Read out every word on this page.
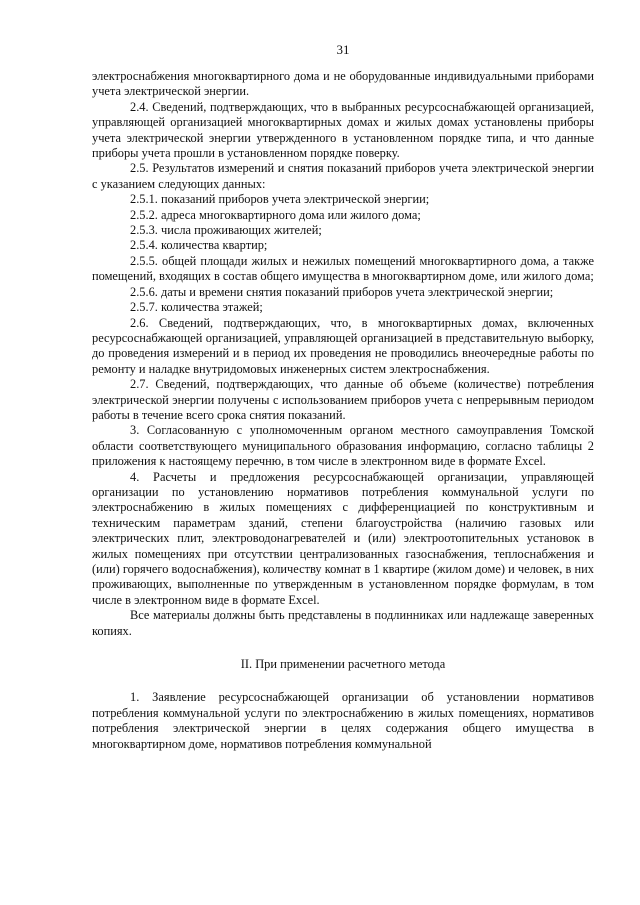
31

электроснабжения многоквартирного дома и не оборудованные индивидуальными приборами учета электрической энергии.

2.4. Сведений, подтверждающих, что в выбранных ресурсоснабжающей организацией, управляющей организацией многоквартирных домах и жилых домах установлены приборы учета электрической энергии утвержденного в установленном порядке типа, и что данные приборы учета прошли в установленном порядке поверку.

2.5. Результатов измерений и снятия показаний приборов учета электрической энергии с указанием следующих данных:

2.5.1. показаний приборов учета электрической энергии;

2.5.2. адреса многоквартирного дома или жилого дома;

2.5.3. числа проживающих жителей;

2.5.4. количества квартир;

2.5.5. общей площади жилых и нежилых помещений многоквартирного дома, а также помещений, входящих в состав общего имущества в многоквартирном доме, или жилого дома;

2.5.6. даты и времени снятия показаний приборов учета электрической энергии;

2.5.7. количества этажей;

2.6. Сведений, подтверждающих, что, в многоквартирных домах, включенных ресурсоснабжающей организацией, управляющей организацией в представительную выборку, до проведения измерений и в период их проведения не проводились внеочередные работы по ремонту и наладке внутридомовых инженерных систем электроснабжения.

2.7. Сведений, подтверждающих, что данные об объеме (количестве) потребления электрической энергии получены с использованием приборов учета с непрерывным периодом работы в течение всего срока снятия показаний.

3. Согласованную с уполномоченным органом местного самоуправления Томской области соответствующего муниципального образования информацию, согласно таблицы 2 приложения к настоящему перечню, в том числе в электронном виде в формате Excel.

4. Расчеты и предложения ресурсоснабжающей организации, управляющей организации по установлению нормативов потребления коммунальной услуги по электроснабжению в жилых помещениях с дифференциацией по конструктивным и техническим параметрам зданий, степени благоустройства (наличию газовых или электрических плит, электроводонагревателей и (или) электроотопительных установок в жилых помещениях при отсутствии централизованных газоснабжения, теплоснабжения и (или) горячего водоснабжения), количеству комнат в 1 квартире (жилом доме) и человек, в них проживающих, выполненные по утвержденным в установленном порядке формулам, в том числе в электронном виде в формате Excel.

Все материалы должны быть представлены в подлинниках или надлежаще заверенных копиях.

II. При применении расчетного метода

1. Заявление ресурсоснабжающей организации об установлении нормативов потребления коммунальной услуги по электроснабжению в жилых помещениях, нормативов потребления электрической энергии в целях содержания общего имущества в многоквартирном доме, нормативов потребления коммунальной
